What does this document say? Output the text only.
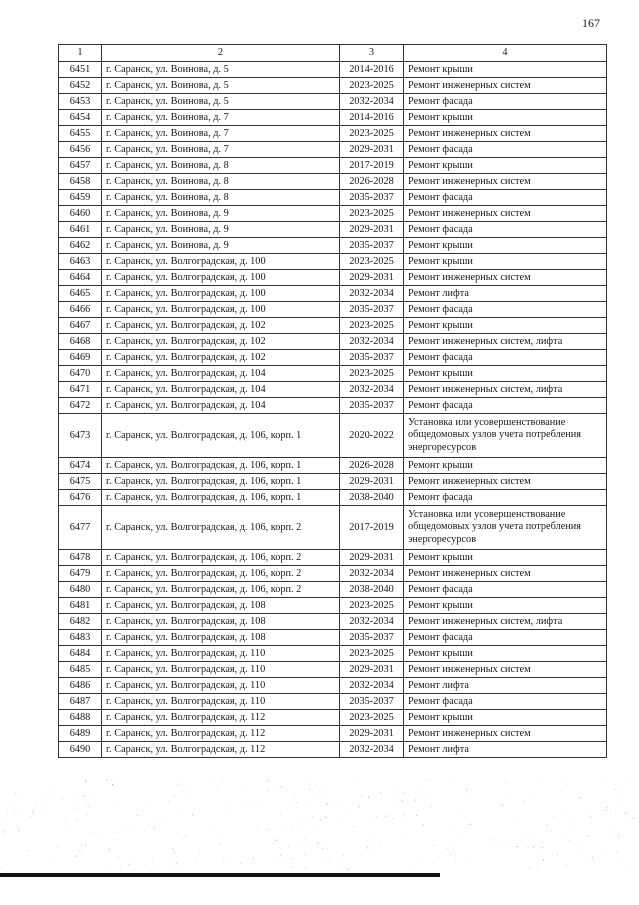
167
1	2	3	4
6451	г. Саранск, ул. Воинова, д. 5	2014-2016	Ремонт крыши
6452	г. Саранск, ул. Воинова, д. 5	2023-2025	Ремонт инженерных систем
6453	г. Саранск, ул. Воинова, д. 5	2032-2034	Ремонт фасада
6454	г. Саранск, ул. Воинова, д. 7	2014-2016	Ремонт крыши
6455	г. Саранск, ул. Воинова, д. 7	2023-2025	Ремонт инженерных систем
6456	г. Саранск, ул. Воинова, д. 7	2029-2031	Ремонт фасада
6457	г. Саранск, ул. Воинова, д. 8	2017-2019	Ремонт крыши
6458	г. Саранск, ул. Воинова, д. 8	2026-2028	Ремонт инженерных систем
6459	г. Саранск, ул. Воинова, д. 8	2035-2037	Ремонт фасада
6460	г. Саранск, ул. Воинова, д. 9	2023-2025	Ремонт инженерных систем
6461	г. Саранск, ул. Воинова, д. 9	2029-2031	Ремонт фасада
6462	г. Саранск, ул. Воинова, д. 9	2035-2037	Ремонт крыши
6463	г. Саранск, ул. Волгоградская, д. 100	2023-2025	Ремонт крыши
6464	г. Саранск, ул. Волгоградская, д. 100	2029-2031	Ремонт инженерных систем
6465	г. Саранск, ул. Волгоградская, д. 100	2032-2034	Ремонт лифта
6466	г. Саранск, ул. Волгоградская, д. 100	2035-2037	Ремонт фасада
6467	г. Саранск, ул. Волгоградская, д. 102	2023-2025	Ремонт крыши
6468	г. Саранск, ул. Волгоградская, д. 102	2032-2034	Ремонт инженерных систем, лифта
6469	г. Саранск, ул. Волгоградская, д. 102	2035-2037	Ремонт фасада
6470	г. Саранск, ул. Волгоградская, д. 104	2023-2025	Ремонт крыши
6471	г. Саранск, ул. Волгоградская, д. 104	2032-2034	Ремонт инженерных систем, лифта
6472	г. Саранск, ул. Волгоградская, д. 104	2035-2037	Ремонт фасада
6473	г. Саранск, ул. Волгоградская, д. 106, корп. 1	2020-2022	Установка или усовершенствование общедомовых узлов учета потребления энергоресурсов
6474	г. Саранск, ул. Волгоградская, д. 106, корп. 1	2026-2028	Ремонт крыши
6475	г. Саранск, ул. Волгоградская, д. 106, корп. 1	2029-2031	Ремонт инженерных систем
6476	г. Саранск, ул. Волгоградская, д. 106, корп. 1	2038-2040	Ремонт фасада
6477	г. Саранск, ул. Волгоградская, д. 106, корп. 2	2017-2019	Установка или усовершенствование общедомовых узлов учета потребления энергоресурсов
6478	г. Саранск, ул. Волгоградская, д. 106, корп. 2	2029-2031	Ремонт крыши
6479	г. Саранск, ул. Волгоградская, д. 106, корп. 2	2032-2034	Ремонт инженерных систем
6480	г. Саранск, ул. Волгоградская, д. 106, корп. 2	2038-2040	Ремонт фасада
6481	г. Саранск, ул. Волгоградская, д. 108	2023-2025	Ремонт крыши
6482	г. Саранск, ул. Волгоградская, д. 108	2032-2034	Ремонт инженерных систем, лифта
6483	г. Саранск, ул. Волгоградская, д. 108	2035-2037	Ремонт фасада
6484	г. Саранск, ул. Волгоградская, д. 110	2023-2025	Ремонт крыши
6485	г. Саранск, ул. Волгоградская, д. 110	2029-2031	Ремонт инженерных систем
6486	г. Саранск, ул. Волгоградская, д. 110	2032-2034	Ремонт лифта
6487	г. Саранск, ул. Волгоградская, д. 110	2035-2037	Ремонт фасада
6488	г. Саранск, ул. Волгоградская, д. 112	2023-2025	Ремонт крыши
6489	г. Саранск, ул. Волгоградская, д. 112	2029-2031	Ремонт инженерных систем
6490	г. Саранск, ул. Волгоградская, д. 112	2032-2034	Ремонт лифта
